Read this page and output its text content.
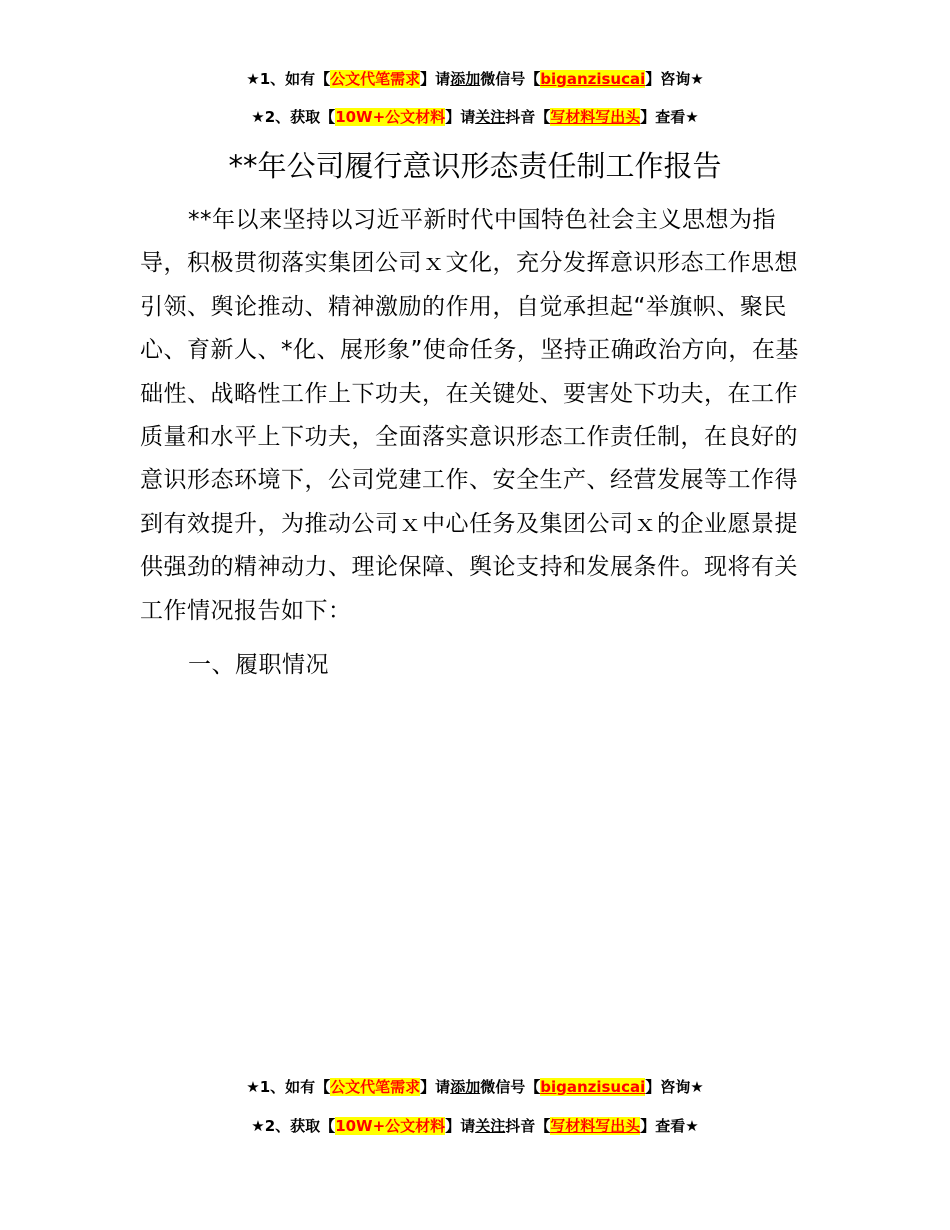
★1、如有【公文代笔需求】请添加微信号【biganzisucai】咨询★
★2、获取【10W+公文材料】请关注抖音【写材料写出头】查看★
**年公司履行意识形态责任制工作报告

**年以来坚持以习近平新时代中国特色社会主义思想为指导，积极贯彻落实集团公司ｘ文化，充分发挥意识形态工作思想引领、舆论推动、精神激励的作用，自觉承担起“举旗帜、聚民心、育新人、*化、展形象”使命任务，坚持正确政治方向，在基础性、战略性工作上下功夫，在关键处、要害处下功夫，在工作质量和水平上下功夫，全面落实意识形态工作责任制，在良好的意识形态环境下，公司党建工作、安全生产、经营发展等工作得到有效提升，为推动公司ｘ中心任务及集团公司ｘ的企业愿景提供强劲的精神动力、理论保障、舆论支持和发展条件。现将有关工作情况报告如下：

一、履职情况
★1、如有【公文代笔需求】请添加微信号【biganzisucai】咨询★
★2、获取【10W+公文材料】请关注抖音【写材料写出头】查看★
